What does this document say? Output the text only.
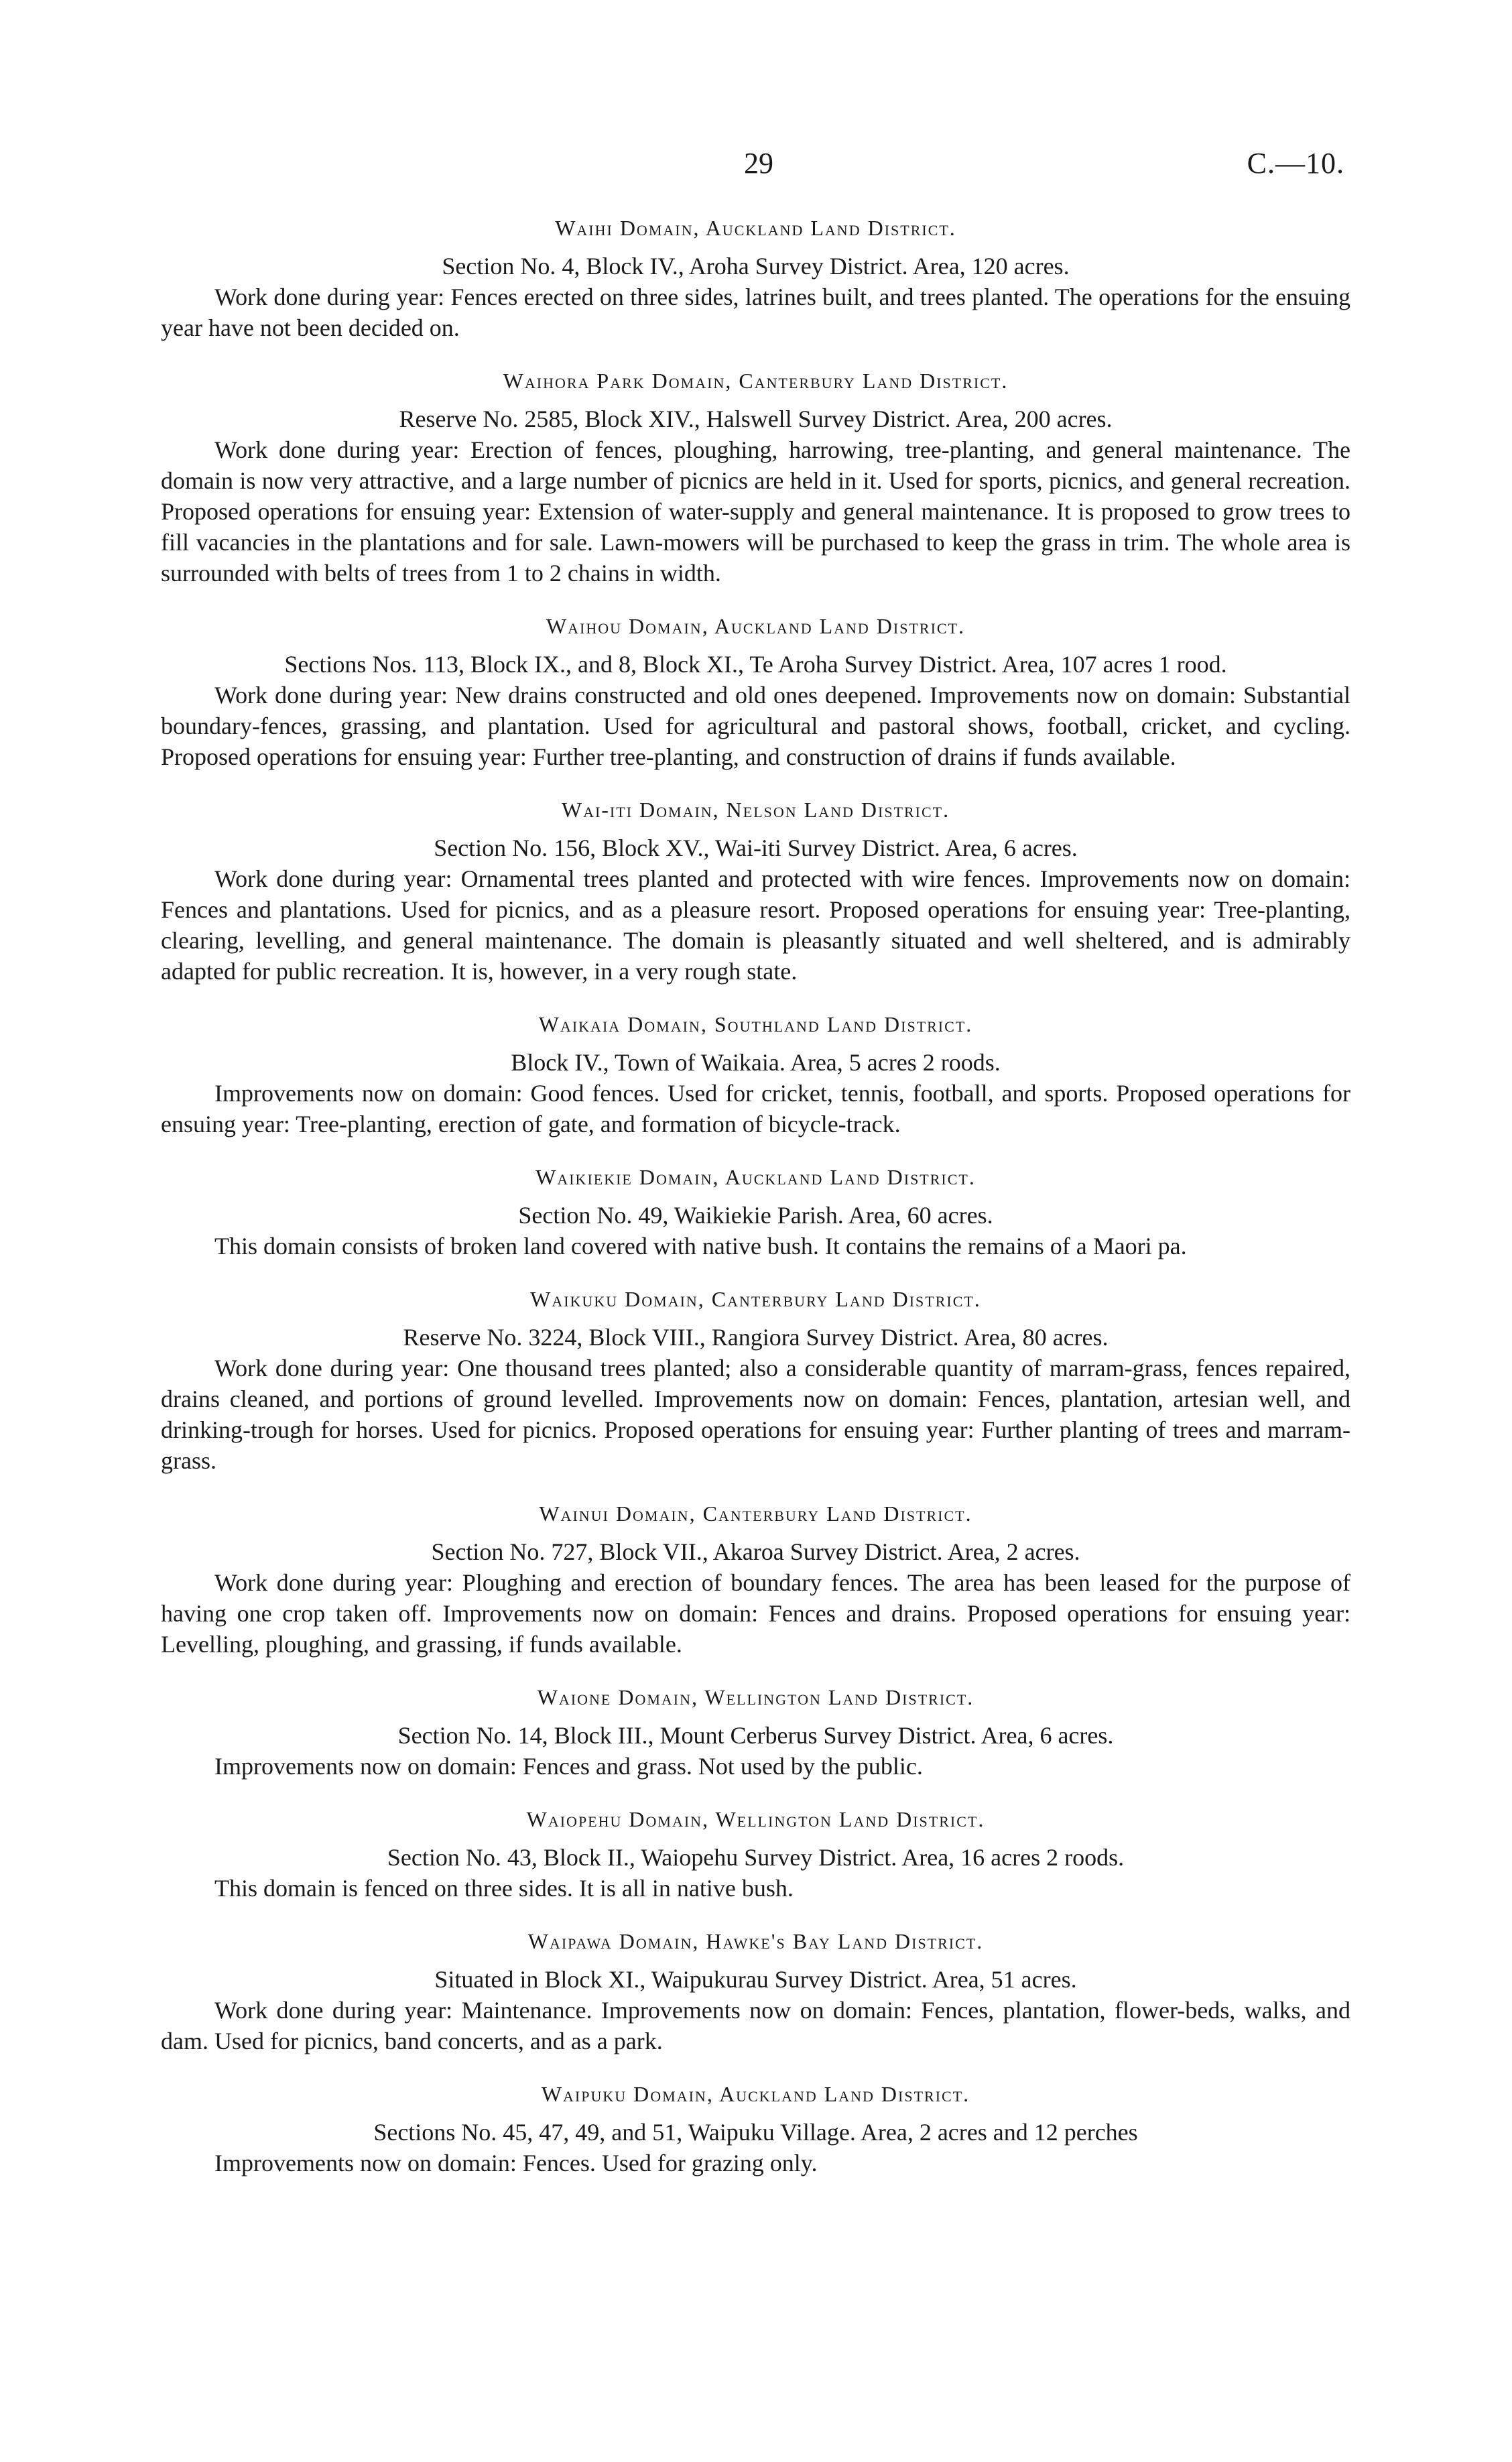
29	C.—10.

Waihi Domain, Auckland Land District.

Section No. 4, Block IV., Aroha Survey District. Area, 120 acres.

Work done during year: Fences erected on three sides, latrines built, and trees planted. The operations for the ensuing year have not been decided on.

Waihora Park Domain, Canterbury Land District.

Reserve No. 2585, Block XIV., Halswell Survey District. Area, 200 acres.

Work done during year: Erection of fences, ploughing, harrowing, tree-planting, and general maintenance. The domain is now very attractive, and a large number of picnics are held in it. Used for sports, picnics, and general recreation. Proposed operations for ensuing year: Extension of water-supply and general maintenance. It is proposed to grow trees to fill vacancies in the plantations and for sale. Lawn-mowers will be purchased to keep the grass in trim. The whole area is surrounded with belts of trees from 1 to 2 chains in width.

Waihou Domain, Auckland Land District.

Sections Nos. 113, Block IX., and 8, Block XI., Te Aroha Survey District. Area, 107 acres 1 rood.

Work done during year: New drains constructed and old ones deepened. Improvements now on domain: Substantial boundary-fences, grassing, and plantation. Used for agricultural and pastoral shows, football, cricket, and cycling. Proposed operations for ensuing year: Further tree-planting, and construction of drains if funds available.

Wai-iti Domain, Nelson Land District.

Section No. 156, Block XV., Wai-iti Survey District. Area, 6 acres.

Work done during year: Ornamental trees planted and protected with wire fences. Improvements now on domain: Fences and plantations. Used for picnics, and as a pleasure resort. Proposed operations for ensuing year: Tree-planting, clearing, levelling, and general maintenance. The domain is pleasantly situated and well sheltered, and is admirably adapted for public recreation. It is, however, in a very rough state.

Waikaia Domain, Southland Land District.

Block IV., Town of Waikaia. Area, 5 acres 2 roods.

Improvements now on domain: Good fences. Used for cricket, tennis, football, and sports. Proposed operations for ensuing year: Tree-planting, erection of gate, and formation of bicycle-track.

Waikiekie Domain, Auckland Land District.

Section No. 49, Waikiekie Parish. Area, 60 acres.

This domain consists of broken land covered with native bush. It contains the remains of a Maori pa.

Waikuku Domain, Canterbury Land District.

Reserve No. 3224, Block VIII., Rangiora Survey District. Area, 80 acres.

Work done during year: One thousand trees planted; also a considerable quantity of marram-grass, fences repaired, drains cleaned, and portions of ground levelled. Improvements now on domain: Fences, plantation, artesian well, and drinking-trough for horses. Used for picnics. Proposed operations for ensuing year: Further planting of trees and marram-grass.

Wainui Domain, Canterbury Land District.

Section No. 727, Block VII., Akaroa Survey District. Area, 2 acres.

Work done during year: Ploughing and erection of boundary fences. The area has been leased for the purpose of having one crop taken off. Improvements now on domain: Fences and drains. Proposed operations for ensuing year: Levelling, ploughing, and grassing, if funds available.

Waione Domain, Wellington Land District.

Section No. 14, Block III., Mount Cerberus Survey District. Area, 6 acres.

Improvements now on domain: Fences and grass. Not used by the public.

Waiopehu Domain, Wellington Land District.

Section No. 43, Block II., Waiopehu Survey District. Area, 16 acres 2 roods.

This domain is fenced on three sides. It is all in native bush.

Waipawa Domain, Hawke's Bay Land District.

Situated in Block XI., Waipukurau Survey District. Area, 51 acres.

Work done during year: Maintenance. Improvements now on domain: Fences, plantation, flower-beds, walks, and dam. Used for picnics, band concerts, and as a park.

Waipuku Domain, Auckland Land District.

Sections No. 45, 47, 49, and 51, Waipuku Village. Area, 2 acres and 12 perches

Improvements now on domain: Fences. Used for grazing only.
